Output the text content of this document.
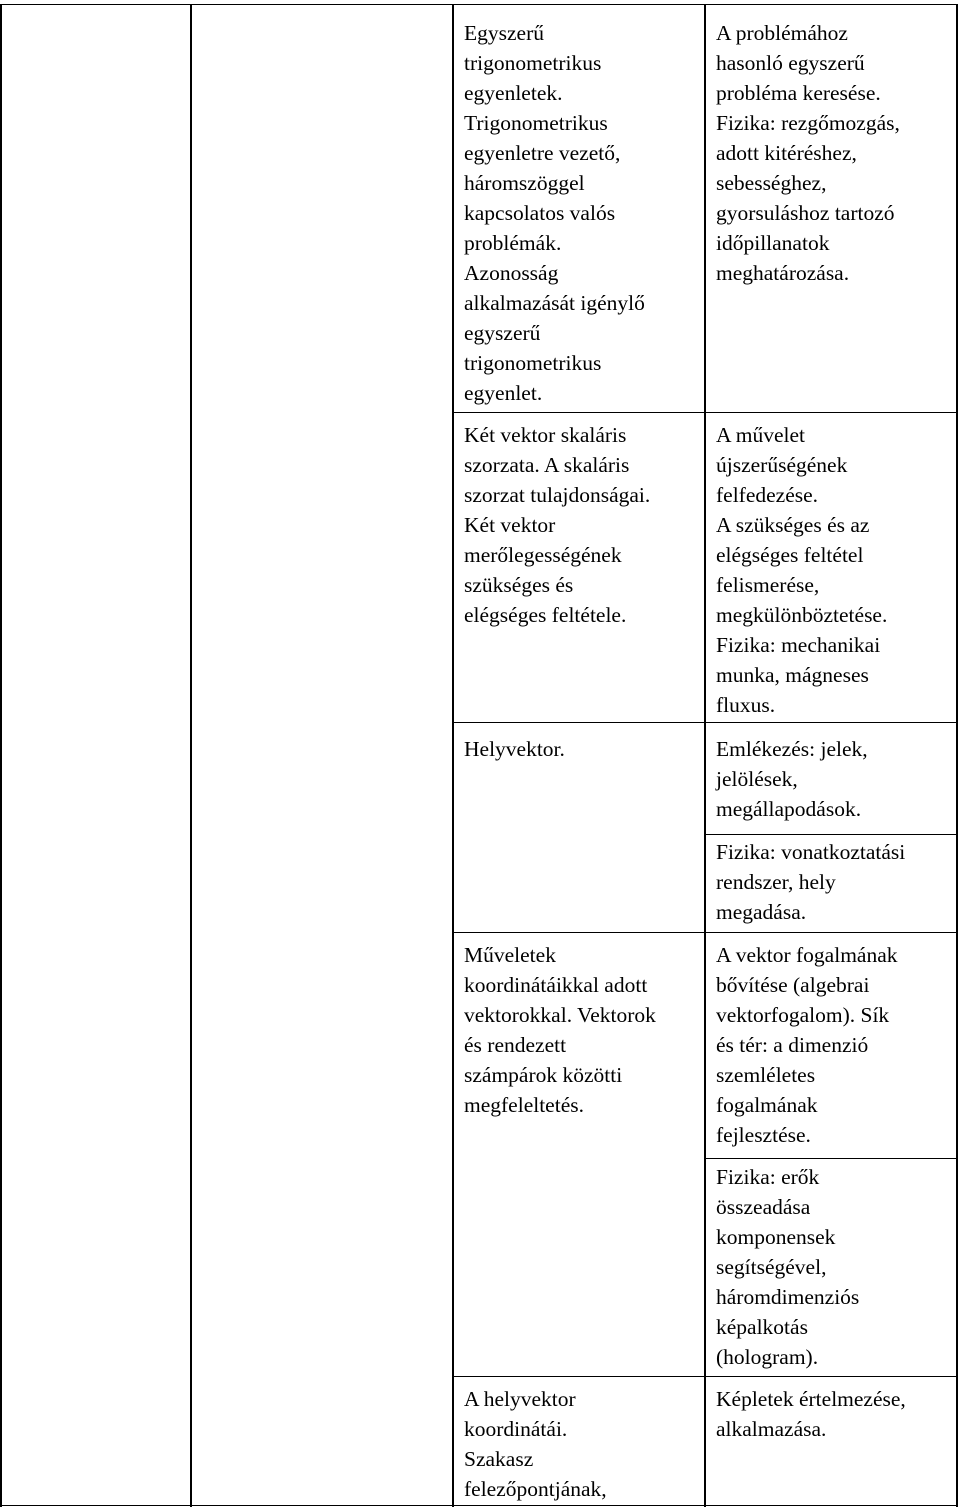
Egyszerű
trigonometrikus
egyenletek.
Trigonometrikus
egyenletre vezető,
háromszöggel
kapcsolatos valós
problémák.
Azonosság
alkalmazását igénylő
egyszerű
trigonometrikus
egyenlet.
A problémához
hasonló egyszerű
probléma keresése.
Fizika: rezgőmozgás,
adott kitéréshez,
sebességhez,
gyorsuláshoz tartozó
időpillanatok
meghatározása.
Két vektor skaláris
szorzata. A skaláris
szorzat tulajdonságai.
Két vektor
merőlegességének
szükséges és
elégséges feltétele.
A művelet
újszerűségének
felfedezése.
A szükséges és az
elégséges feltétel
felismerése,
megkülönböztetése.
Fizika: mechanikai
munka, mágneses
fluxus.
Helyvektor.	Emlékezés: jelek,
jelölések,
megállapodások.
Fizika: vonatkoztatási
rendszer, hely
megadása.
Műveletek
koordinátáikkal adott
vektorokkal. Vektorok
és rendezett
számpárok közötti
megfeleltetés.
A vektor fogalmának
bővítése (algebrai
vektorfogalom). Sík
és tér: a dimenzió
szemléletes
fogalmának
fejlesztése.
Fizika: erők
összeadása
komponensek
segítségével,
háromdimenziós
képalkotás
(hologram).
A helyvektor
koordinátái.
Szakasz
felezőpontjának,
Képletek értelmezése,
alkalmazása.
